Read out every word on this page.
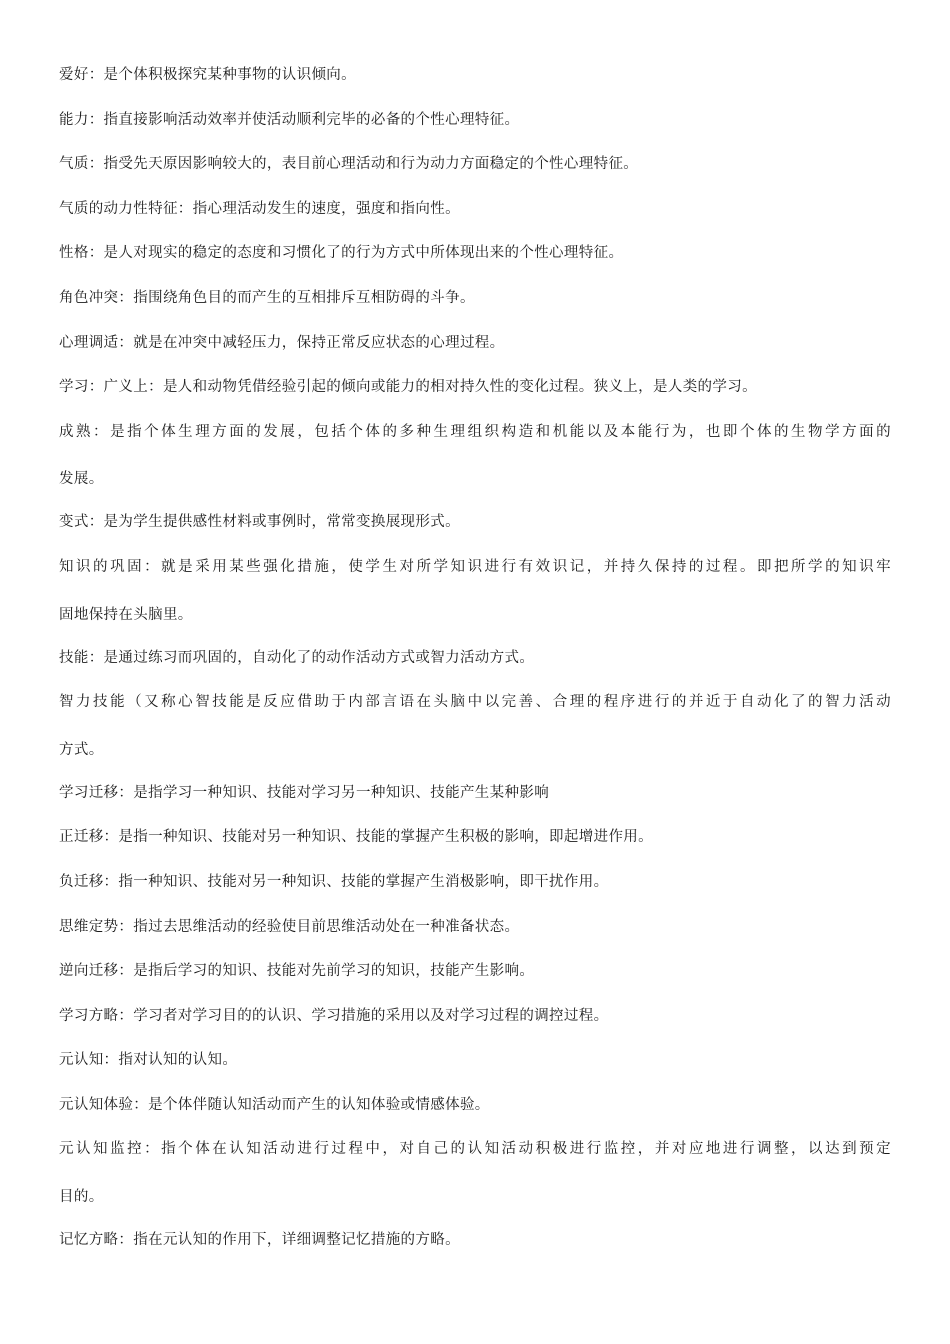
爱好：是个体积极探究某种事物的认识倾向。
能力：指直接影响活动效率并使活动顺利完毕的必备的个性心理特征。
气质：指受先天原因影响较大的，表目前心理活动和行为动力方面稳定的个性心理特征。
气质的动力性特征：指心理活动发生的速度，强度和指向性。
性格：是人对现实的稳定的态度和习惯化了的行为方式中所体现出来的个性心理特征。
角色冲突：指围绕角色目的而产生的互相排斥互相防碍的斗争。
心理调适：就是在冲突中减轻压力，保持正常反应状态的心理过程。
学习：广义上：是人和动物凭借经验引起的倾向或能力的相对持久性的变化过程。狭义上，是人类的学习。
成熟：是指个体生理方面的发展，包括个体的多种生理组织构造和机能以及本能行为，也即个体的生物学方面的
发展。
变式：是为学生提供感性材料或事例时，常常变换展现形式。
知识的巩固：就是采用某些强化措施，使学生对所学知识进行有效识记，并持久保持的过程。即把所学的知识牢
固地保持在头脑里。
技能：是通过练习而巩固的，自动化了的动作活动方式或智力活动方式。
智力技能（又称心智技能是反应借助于内部言语在头脑中以完善、合理的程序进行的并近于自动化了的智力活动
方式。
学习迁移：是指学习一种知识、技能对学习另一种知识、技能产生某种影响
正迁移：是指一种知识、技能对另一种知识、技能的掌握产生积极的影响，即起增进作用。
负迁移：指一种知识、技能对另一种知识、技能的掌握产生消极影响，即干扰作用。
思维定势：指过去思维活动的经验使目前思维活动处在一种准备状态。
逆向迁移：是指后学习的知识、技能对先前学习的知识，技能产生影响。
学习方略：学习者对学习目的的认识、学习措施的采用以及对学习过程的调控过程。
元认知：指对认知的认知。
元认知体验：是个体伴随认知活动而产生的认知体验或情感体验。
元认知监控：指个体在认知活动进行过程中，对自己的认知活动积极进行监控，并对应地进行调整，以达到预定
目的。
记忆方略：指在元认知的作用下，详细调整记忆措施的方略。
